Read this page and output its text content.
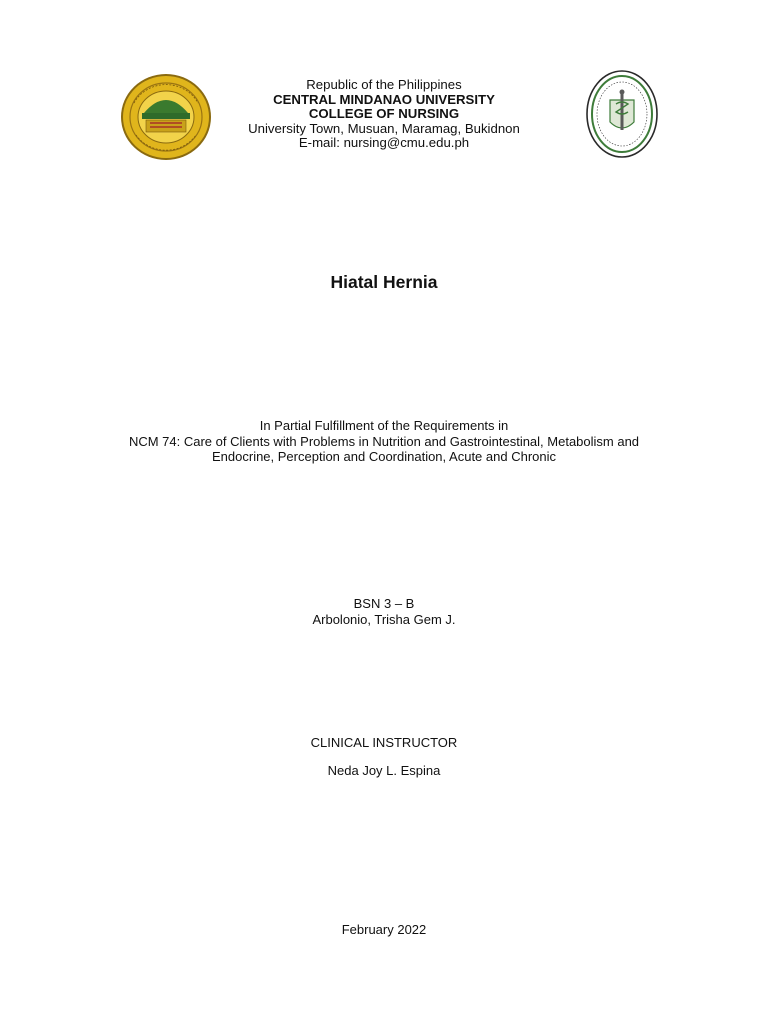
Republic of the Philippines
CENTRAL MINDANAO UNIVERSITY
COLLEGE OF NURSING
University Town, Musuan, Maramag, Bukidnon
E-mail: nursing@cmu.edu.ph
Hiatal Hernia
In Partial Fulfillment of the Requirements in
NCM 74: Care of Clients with Problems in Nutrition and Gastrointestinal, Metabolism and
Endocrine, Perception and Coordination, Acute and Chronic
BSN 3 – B
Arbolonio, Trisha Gem J.
CLINICAL INSTRUCTOR
Neda Joy L. Espina
February 2022
